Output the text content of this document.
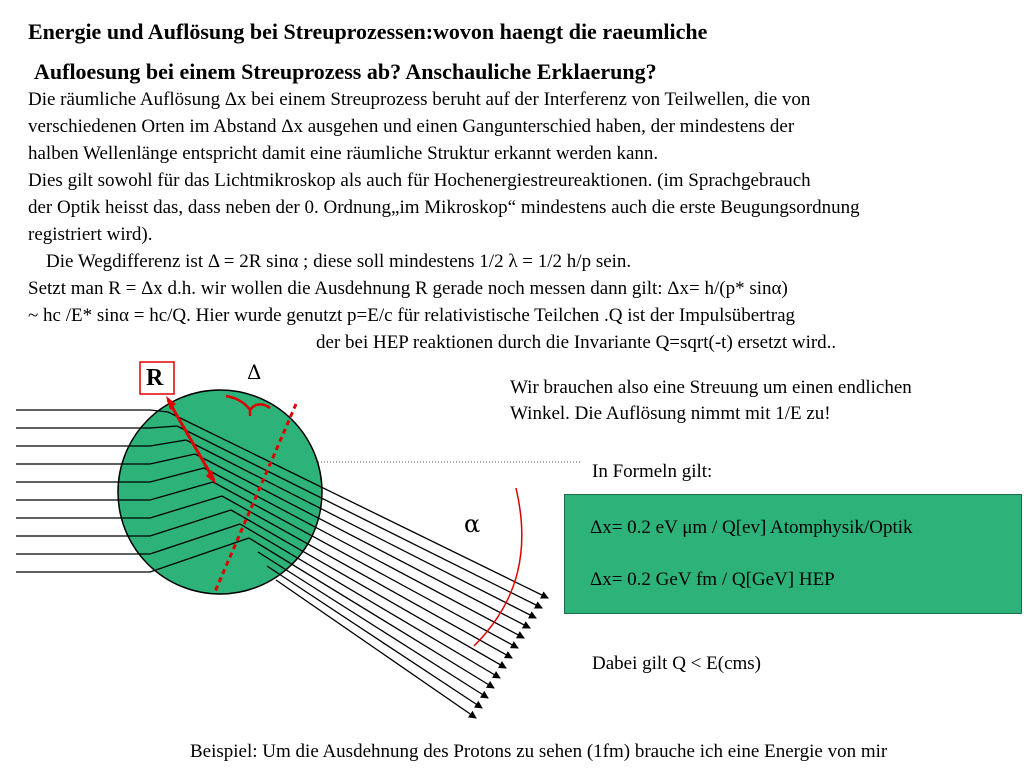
Energie und Auflösung bei Streuprozessen:wovon haengt die raeumliche
Aufloesung bei einem Streuprozess ab? Anschauliche Erklaerung?
Die räumliche Auflösung Δx bei einem Streuprozess beruht auf der Interferenz von Teilwellen, die von
verschiedenen Orten im Abstand Δx ausgehen und einen Gangunterschied haben, der mindestens der
halben Wellenlänge entspricht damit eine räumliche Struktur erkannt werden kann.
Dies gilt sowohl für das Lichtmikroskop als auch für Hochenergiestreureaktionen. (im Sprachgebrauch
der Optik heisst das, dass neben der 0. Ordnung„im Mikroskop“ mindestens auch die erste Beugungsordnung
registriert wird).
Die Wegdifferenz ist Δ = 2R sinα ; diese soll mindestens 1/2 λ = 1/2 h/p sein.
Setzt man R = Δx d.h. wir wollen die Ausdehnung R gerade noch messen dann gilt: Δx= h/(p* sinα)
~ hc /E* sinα = hc/Q. Hier wurde genutzt p=E/c für relativistische Teilchen .Q ist der Impulsübertrag
der bei HEP reaktionen durch die Invariante Q=sqrt(-t) ersetzt wird..
R	Δ
α
Wir brauchen also eine Streuung um einen endlichen
Winkel. Die Auflösung nimmt mit 1/E zu!
In Formeln gilt:
Δx= 0.2 eV μm / Q[ev] Atomphysik/Optik
Δx= 0.2 GeV fm / Q[GeV] HEP
Dabei gilt Q < E(cms)
Beispiel: Um die Ausdehnung des Protons zu sehen (1fm) brauche ich eine Energie von mir
